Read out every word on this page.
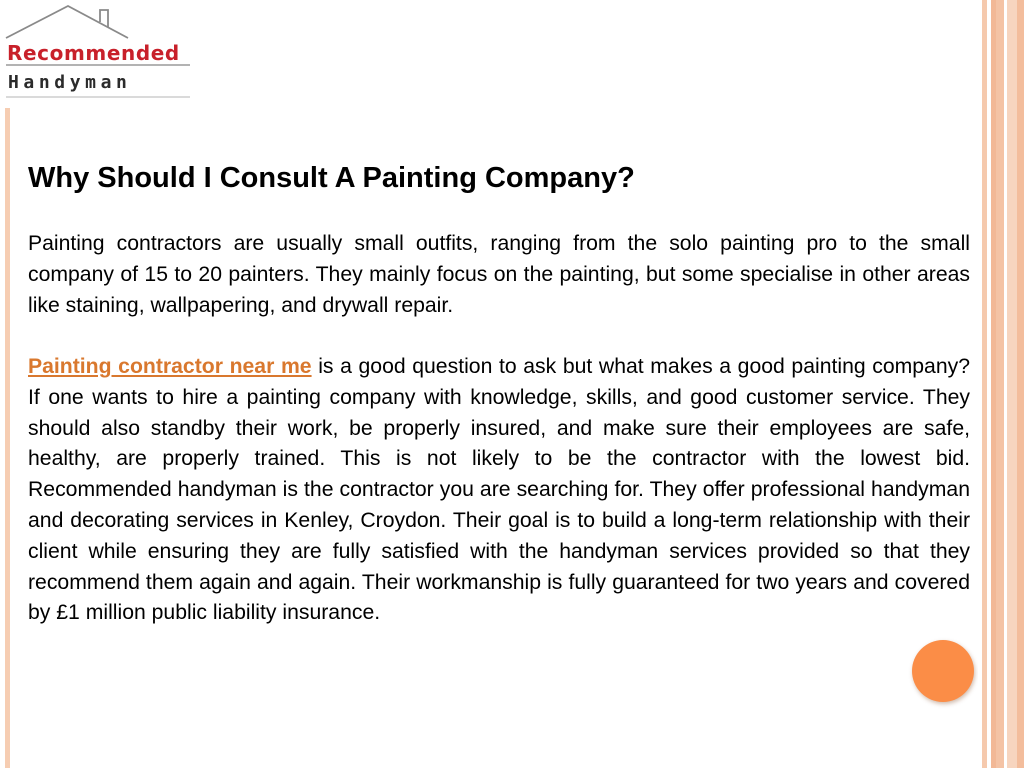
Recommended
Handyman
Why Should I Consult A Painting Company?

Painting contractors are usually small outfits, ranging from the solo painting pro to the small company of 15 to 20 painters. They mainly focus on the painting, but some specialise in other areas like staining, wallpapering, and drywall repair.

Painting contractor near me is a good question to ask but what makes a good painting company? If one wants to hire a painting company with knowledge, skills, and good customer service. They should also standby their work, be properly insured, and make sure their employees are safe, healthy, are properly trained. This is not likely to be the contractor with the lowest bid. Recommended handyman is the contractor you are searching for. They offer professional handyman and decorating services in Kenley, Croydon. Their goal is to build a long-term relationship with their client while ensuring they are fully satisfied with the handyman services provided so that they recommend them again and again. Their workmanship is fully guaranteed for two years and covered by £1 million public liability insurance.
